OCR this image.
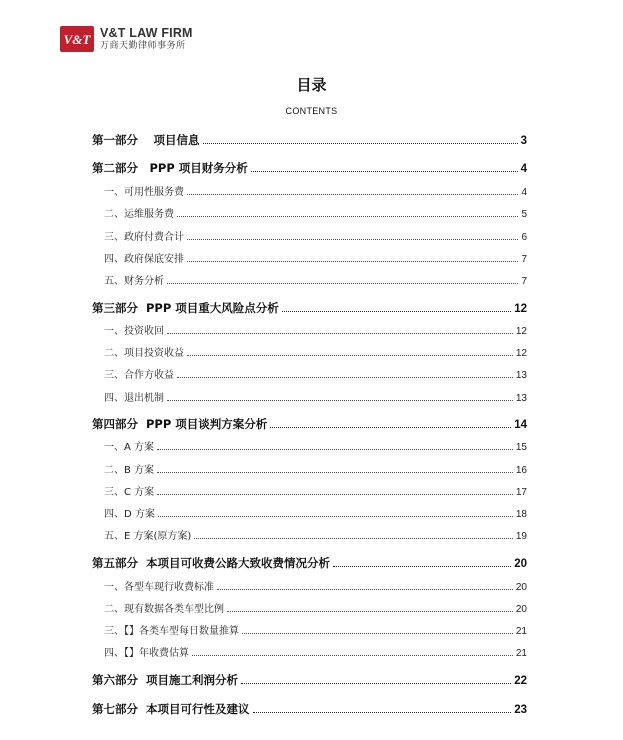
V&T V&T LAW FIRM
万商天勤律师事务所
目录
CONTENTS
第一部分　 项目信息	3
第二部分　PPP 项目财务分析	4
一、可用性服务费	4
二、运维服务费	5
三、政府付费合计	6
四、政府保底安排	7
五、财务分析	7
第三部分  PPP 项目重大风险点分析	12
一、投资收回	12
二、项目投资收益	12
三、合作方收益	13
四、退出机制	13
第四部分  PPP 项目谈判方案分析	14
一、A 方案	15
二、B 方案	16
三、C 方案	17
四、D 方案	18
五、E 方案(原方案)	19
第五部分  本项目可收费公路大致收费情况分析	20
一、各型车现行收费标准	20
二、现有数据各类车型比例	20
三、【】各类车型每日数量推算	21
四、【】年收费估算	21
第六部分  项目施工利润分析	22
第七部分  本项目可行性及建议	23
